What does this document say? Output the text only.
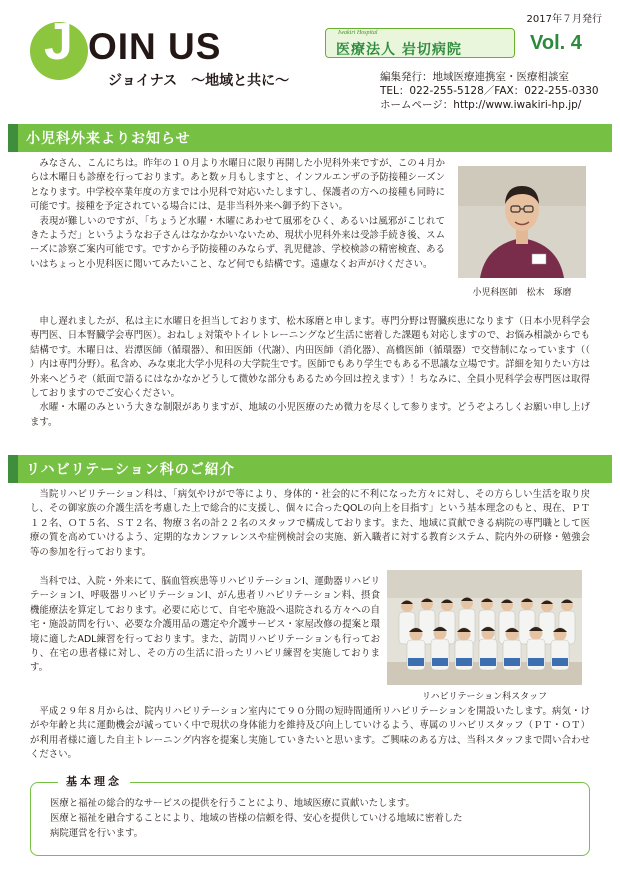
2017年７月発行
J OIN US
ジョイナス　～地域と共に～
Iwakiri Hospital
医療法人 岩切病院	Vol. 4
編集発行：地域医療連携室・医療相談室
TEL：022-255-5128／FAX：022-255-0330
ホームページ：http://www.iwakiri-hp.jp/
小児科外来よりお知らせ

みなさん、こんにちは。昨年の１０月より水曜日に限り再開した小児科外来ですが、この４月からは木曜日も診療を行っております。あと数ヶ月もしますと、インフルエンザの予防接種シーズンとなります。中学校卒業年度の方までは小児科で対応いたしますし、保護者の方への接種も同時に可能です。接種を予定されている場合には、是非当科外来へ御予約下さい。

表現が難しいのですが、「ちょうど水曜・木曜にあわせて風邪をひく、あるいは風邪がこじれてきたようだ」というようなお子さんはなかなかいないため、現状小児科外来は受診手続き後、スムーズに診察ご案内可能です。ですから予防接種のみならず、乳児健診、学校検診の精密検査、あるいはちょっと小児科医に聞いてみたいこと、など何でも結構です。遠慮なくお声がけください。

小児科医師　松木　琢磨

申し遅れましたが、私は主に水曜日を担当しております、松木琢磨と申します。専門分野は腎臓疾患になります（日本小児科学会専門医、日本腎臓学会専門医）。おねしょ対策やトイレトレーニングなど生活に密着した課題も対応しますので、お悩み相談からでも結構です。木曜日は、岩潭医師（循環器）、和田医師（代謝）、内田医師（消化器）、高橋医師（循環器）で交替制になっています（（ ）内は専門分野）。私含め、みな東北大学小児科の大学院生です。医師でもあり学生でもある不思議な立場です。詳細を知りたい方は外来へどうぞ（紙面で語るにはなかなかどうして微妙な部分もあるため今回は控えます）！ちなみに、全員小児科学会専門医は取得しておりますのでご安心ください。

水曜・木曜のみという大きな制限がありますが、地域の小児医療のため微力を尽くして参ります。どうぞよろしくお願い申し上げます。

リハビリテーション科のご紹介

当院リハビリテーション科は、「病気やけがで等により、身体的・社会的に不利になった方々に対し、その方らしい生活を取り戻し、その御家族の介護生活を考慮した上で総合的に支援し、個々に合ったQOLの向上を目指す」という基本理念のもと、現在、ＰＴ１２名、ＯＴ５名、ＳＴ２名、物療３名の計２２名のスタッフで構成しております。また、地域に貢献できる病院の専門職として医療の質を高めていけるよう、定期的なカンファレンスや症例検討会の実施、新入職者に対する教育システム、院内外の研修・勉強会等の参加を行っております。

当科では、入院・外来にて、脳血管疾患等リハビリテーションⅠ、運動器リハビリテーションⅠ、呼吸器リハビリテーションⅠ、がん患者リハビリテーション料、摂食機能療法を算定しております。必要に応じて、自宅や施設へ退院される方々への自宅・施設訪問を行い、必要な介護用品の選定や介護サービス・家屋改修の提案と環境に適したADL練習を行っております。また、訪問リハビリテーションも行っており、在宅の患者様に対し、その方の生活に沿ったリハビリ練習を実施しております。

リハビリテーション科スタッフ

平成２９年８月からは、院内リハビリテーション室内にて９０分間の短時間通所リハビリテーションを開設いたします。病気・けがや年齢と共に運動機会が減っていく中で現状の身体能力を維持及び向上していけるよう、専属のリハビリスタッフ（ＰＴ・ＯＴ）が利用者様に適した自主トレーニング内容を提案し実施していきたいと思います。ご興味のある方は、当科スタッフまで問い合わせください。

基本理念
医療と福祉の総合的なサービスの提供を行うことにより、地域医療に貢献いたします。
医療と福祉を融合することにより、地域の皆様の信頼を得、安心を提供していける地域に密着した
病院運営を行います。
